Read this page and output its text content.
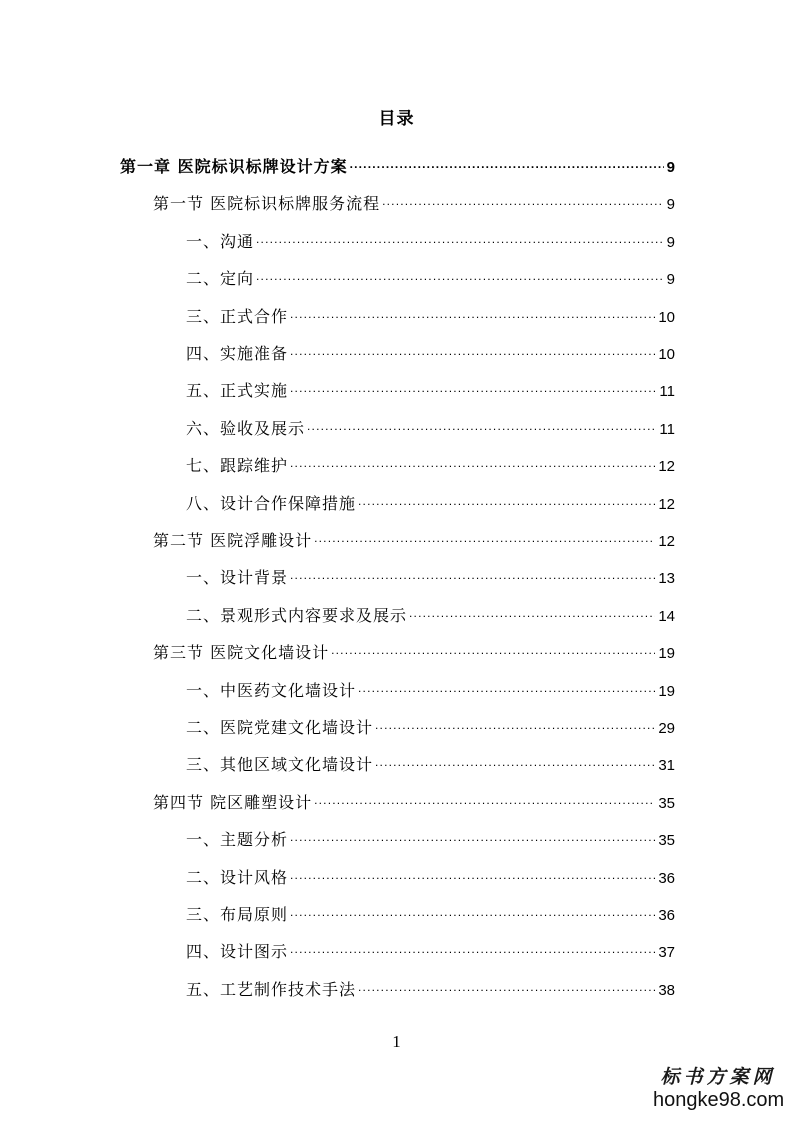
目录
第一章 医院标识标牌设计方案 .....	9
第一节 医院标识标牌服务流程 .....	9
一、沟通 .....	9
二、定向 .....	9
三、正式合作 .....	10
四、实施准备 .....	10
五、正式实施 .....	11
六、验收及展示 .....	11
七、跟踪维护 .....	12
八、设计合作保障措施 .....	12
第二节 医院浮雕设计 .....	12
一、设计背景 .....	13
二、景观形式内容要求及展示 .....	14
第三节 医院文化墙设计 .....	19
一、中医药文化墙设计 .....	19
二、医院党建文化墙设计 .....	29
三、其他区域文化墙设计 .....	31
第四节 院区雕塑设计 .....	35
一、主题分析 .....	35
二、设计风格 .....	36
三、布局原则 .....	36
四、设计图示 .....	37
五、工艺制作技术手法 .....	38
1
标书方案网
hongke98.com
